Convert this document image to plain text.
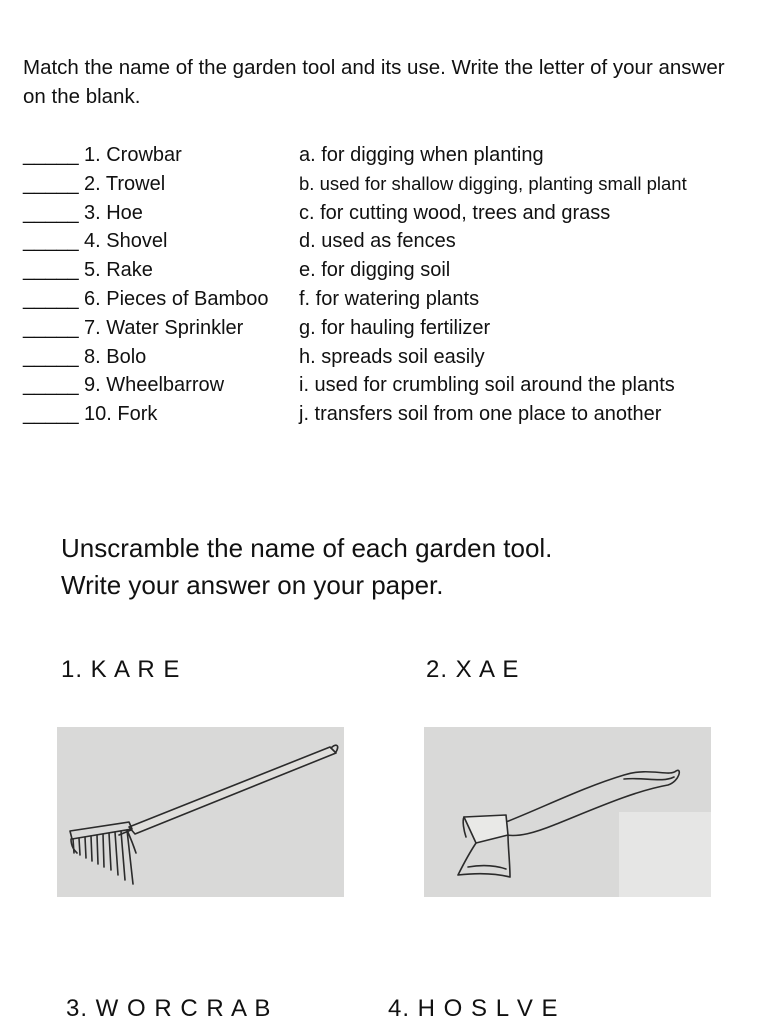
Match the name of the garden tool and its use. Write the letter of your answer on the blank.
_____ 1. Crowbar	a. for digging when planting
_____ 2. Trowel	b. used for shallow digging, planting small plant
_____ 3. Hoe	c. for cutting wood, trees and grass
_____ 4. Shovel	d. used as fences
_____ 5. Rake	e. for digging soil
_____ 6. Pieces of Bamboo f. for watering plants
_____ 7. Water Sprinkler	g. for hauling fertilizer
_____ 8. Bolo	h. spreads soil easily
_____ 9. Wheelbarrow	i. used for crumbling soil around the plants
_____ 10. Fork	j. transfers soil from one place to another
Unscramble the name of each garden tool.
Write your answer on your paper.
1. K A R E	2. X A E
3. W O R C R A B	4. H O S L V E
